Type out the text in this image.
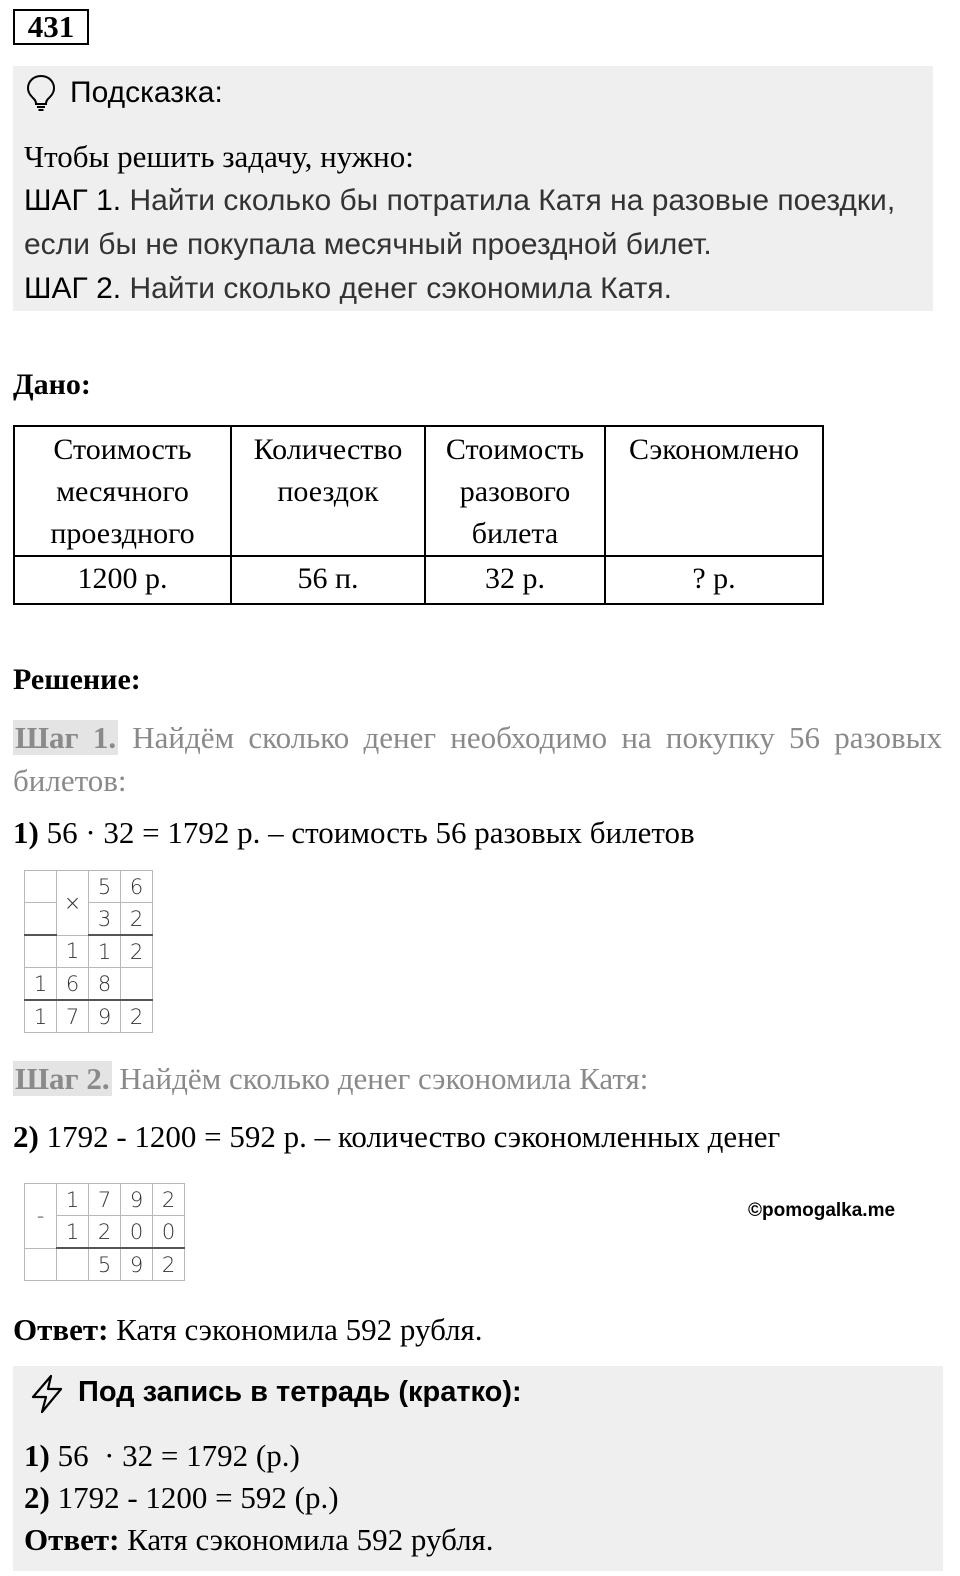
431
Подсказка:
Чтобы решить задачу, нужно:
ШАГ 1. Найти сколько бы потратила Катя на разовые поездки, если бы не покупала месячный проездной билет.
ШАГ 2. Найти сколько денег сэкономила Катя.
Дано:
Стоимость месячного проездного	Количество поездок	Стоимость разового билета	Сэкономлено
1200 р.	56 п.	32 р.	? р.
Решение:
Шаг 1. Найдём сколько денег необходимо на покупку 56 разовых билетов:
1) 56 · 32 = 1792 р. – стоимость 56 разовых билетов
	×	5	6
		3	2
	1	1	2
1	6	8	
1	7	9	2
Шаг 2. Найдём сколько денег сэкономила Катя:
2) 1792 - 1200 = 592 р. – количество сэкономленных денег
-	1	7	9	2
	1	2	0	0
		5	9	2
©pomogalka.me
Ответ: Катя сэкономила 592 рубля.
Под запись в тетрадь (кратко):
1) 56  · 32 = 1792 (р.)
2) 1792 - 1200 = 592 (р.)
Ответ: Катя сэкономила 592 рубля.
